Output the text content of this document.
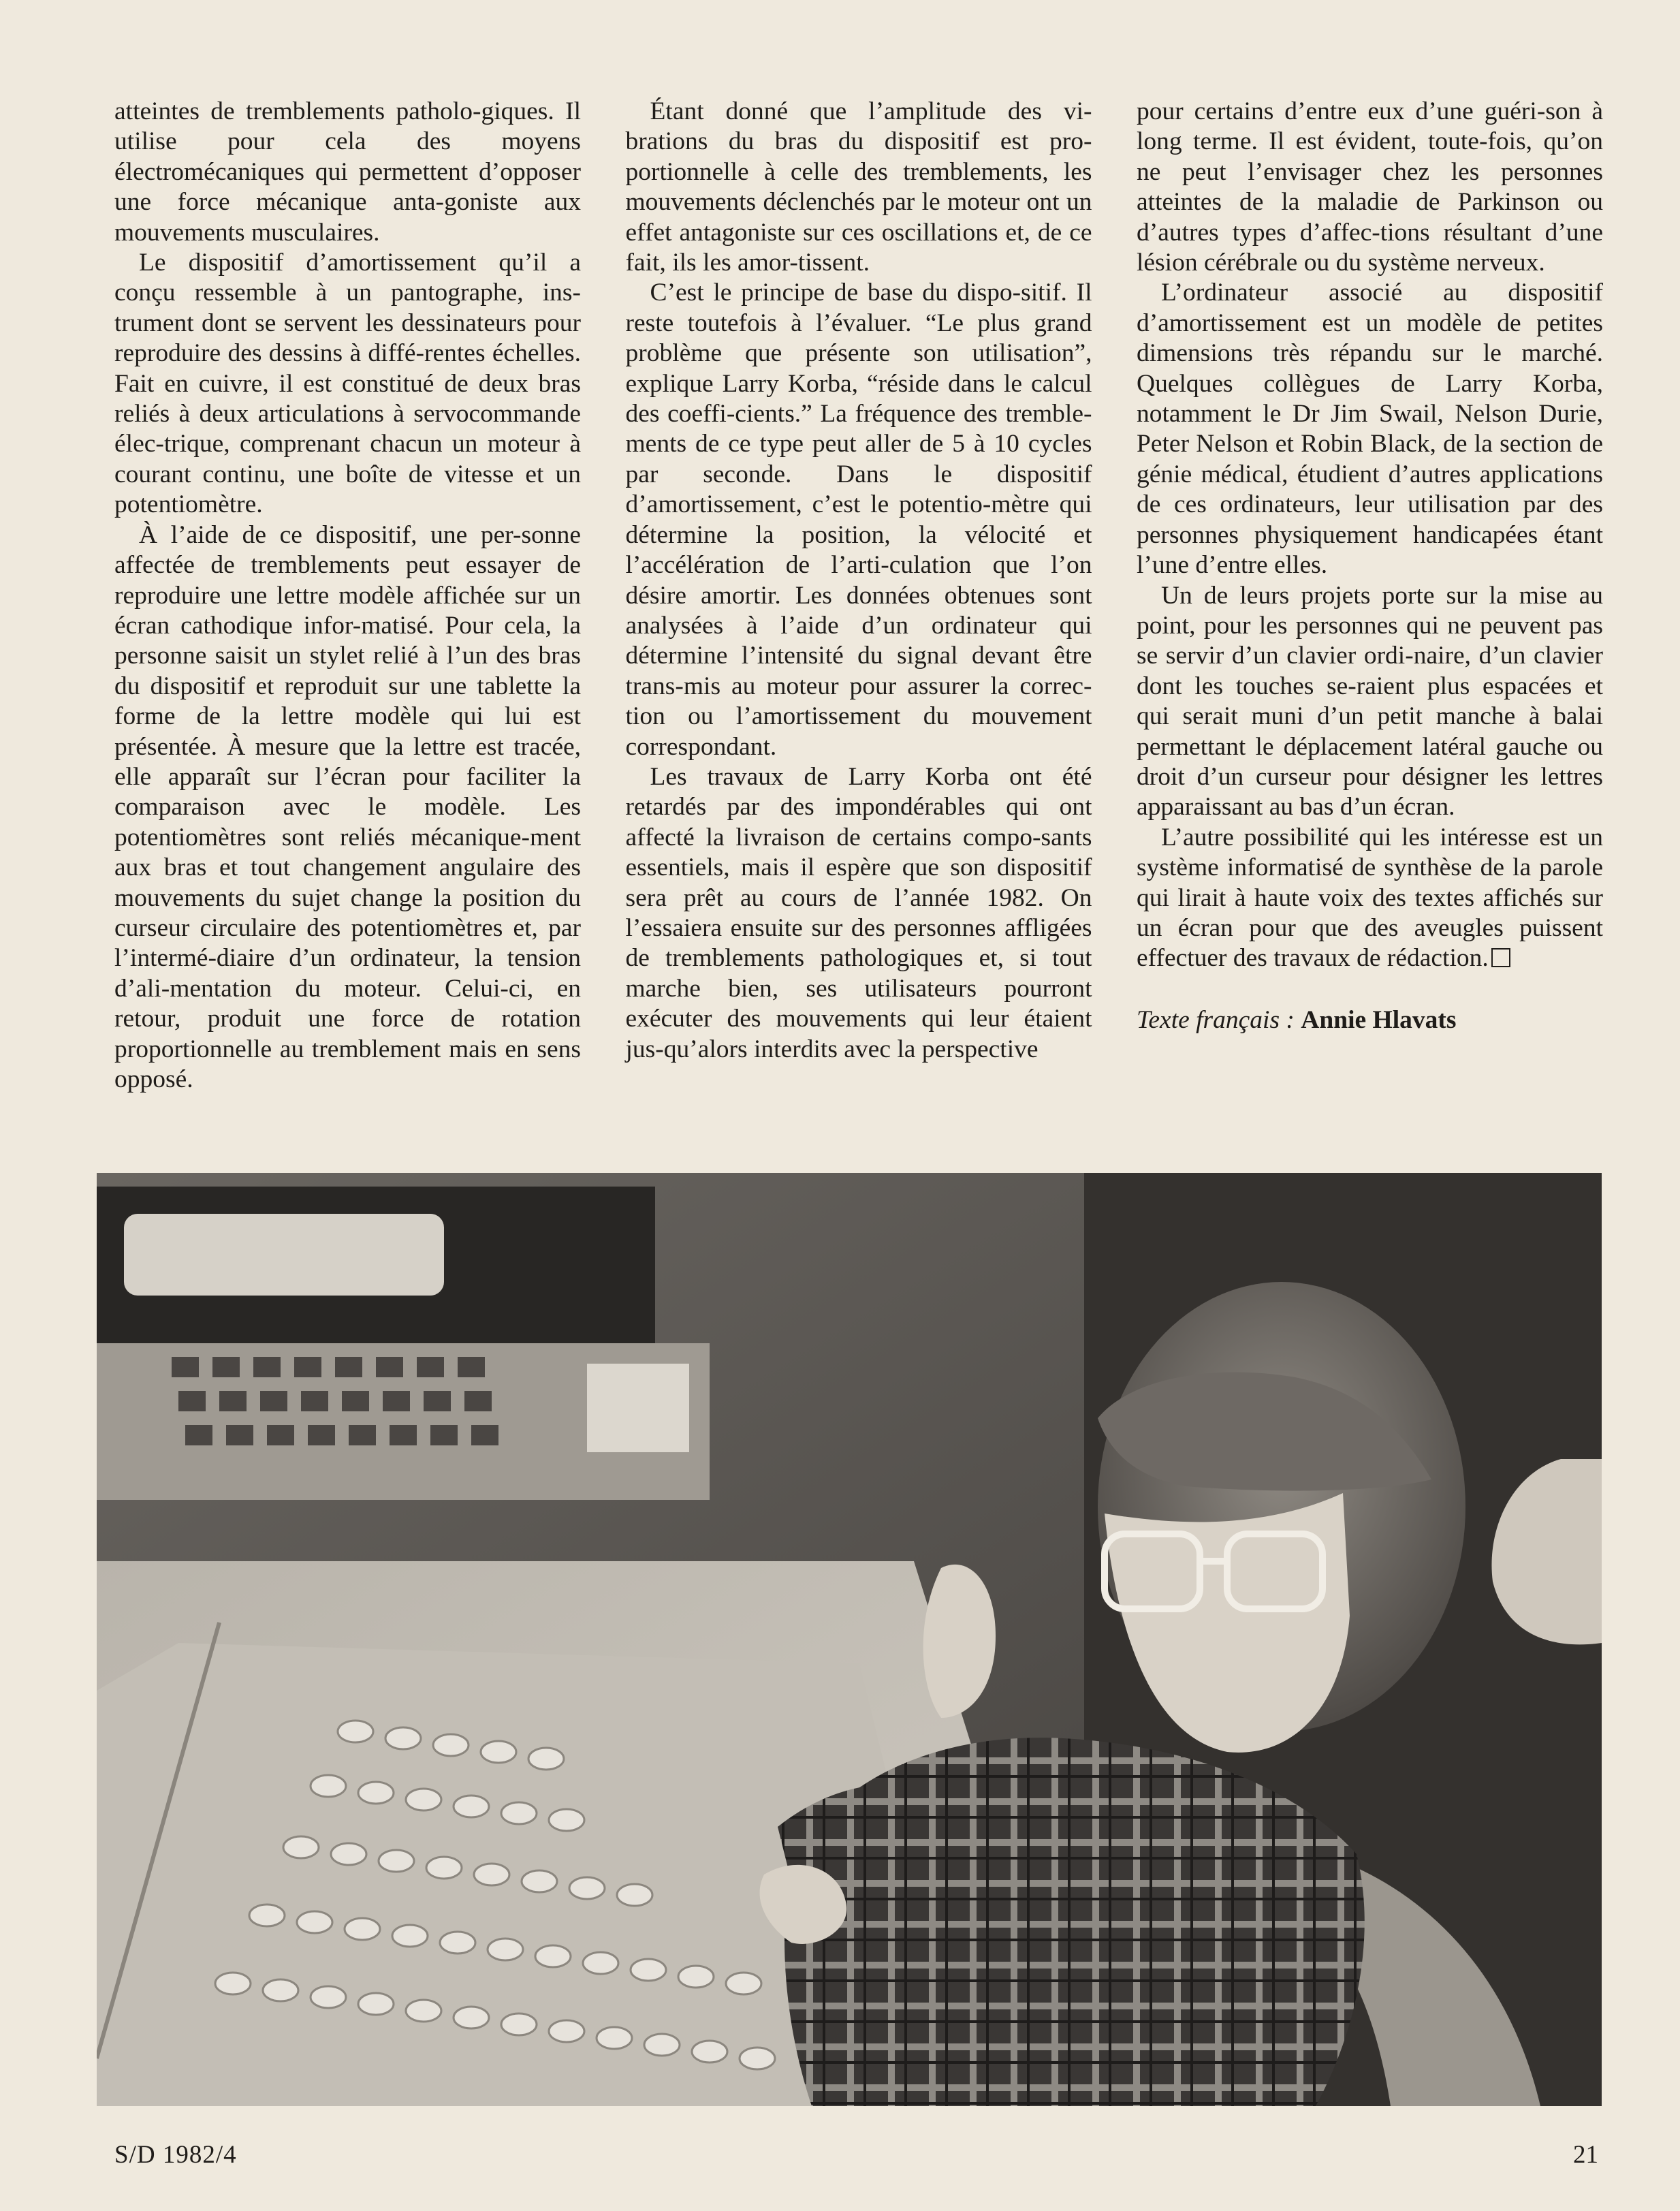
atteintes de tremblements patholo-giques. Il utilise pour cela des moyens électromécaniques qui permettent d’opposer une force mécanique anta-goniste aux mouvements musculaires.

Le dispositif d’amortissement qu’il a conçu ressemble à un pantographe, ins-trument dont se servent les dessinateurs pour reproduire des dessins à diffé-rentes échelles. Fait en cuivre, il est constitué de deux bras reliés à deux articulations à servocommande élec-trique, comprenant chacun un moteur à courant continu, une boîte de vitesse et un potentiomètre.

À l’aide de ce dispositif, une per-sonne affectée de tremblements peut essayer de reproduire une lettre modèle affichée sur un écran cathodique infor-matisé. Pour cela, la personne saisit un stylet relié à l’un des bras du dispositif et reproduit sur une tablette la forme de la lettre modèle qui lui est présentée. À mesure que la lettre est tracée, elle apparaît sur l’écran pour faciliter la comparaison avec le modèle. Les potentiomètres sont reliés mécanique-ment aux bras et tout changement angulaire des mouvements du sujet change la position du curseur circulaire des potentiomètres et, par l’intermé-diaire d’un ordinateur, la tension d’ali-mentation du moteur. Celui-ci, en retour, produit une force de rotation proportionnelle au tremblement mais en sens opposé.

Étant donné que l’amplitude des vi-brations du bras du dispositif est pro-portionnelle à celle des tremblements, les mouvements déclenchés par le moteur ont un effet antagoniste sur ces oscillations et, de ce fait, ils les amor-tissent.

C’est le principe de base du dispo-sitif. Il reste toutefois à l’évaluer. “Le plus grand problème que présente son utilisation”, explique Larry Korba, “réside dans le calcul des coeffi-cients.” La fréquence des tremble-ments de ce type peut aller de 5 à 10 cycles par seconde. Dans le dispositif d’amortissement, c’est le potentio-mètre qui détermine la position, la vélocité et l’accélération de l’arti-culation que l’on désire amortir. Les données obtenues sont analysées à l’aide d’un ordinateur qui détermine l’intensité du signal devant être trans-mis au moteur pour assurer la correc-tion ou l’amortissement du mouvement correspondant.

Les travaux de Larry Korba ont été retardés par des impondérables qui ont affecté la livraison de certains compo-sants essentiels, mais il espère que son dispositif sera prêt au cours de l’année 1982. On l’essaiera ensuite sur des personnes affligées de tremblements pathologiques et, si tout marche bien, ses utilisateurs pourront exécuter des mouvements qui leur étaient jus-qu’alors interdits avec la perspective

pour certains d’entre eux d’une guéri-son à long terme. Il est évident, toute-fois, qu’on ne peut l’envisager chez les personnes atteintes de la maladie de Parkinson ou d’autres types d’affec-tions résultant d’une lésion cérébrale ou du système nerveux.

L’ordinateur associé au dispositif d’amortissement est un modèle de petites dimensions très répandu sur le marché. Quelques collègues de Larry Korba, notamment le Dr Jim Swail, Nelson Durie, Peter Nelson et Robin Black, de la section de génie médical, étudient d’autres applications de ces ordinateurs, leur utilisation par des personnes physiquement handicapées étant l’une d’entre elles.

Un de leurs projets porte sur la mise au point, pour les personnes qui ne peuvent pas se servir d’un clavier ordi-naire, d’un clavier dont les touches se-raient plus espacées et qui serait muni d’un petit manche à balai permettant le déplacement latéral gauche ou droit d’un curseur pour désigner les lettres apparaissant au bas d’un écran.

L’autre possibilité qui les intéresse est un système informatisé de synthèse de la parole qui lirait à haute voix des textes affichés sur un écran pour que des aveugles puissent effectuer des travaux de rédaction.

Texte français : Annie Hlavats

S/D 1982/4	21
